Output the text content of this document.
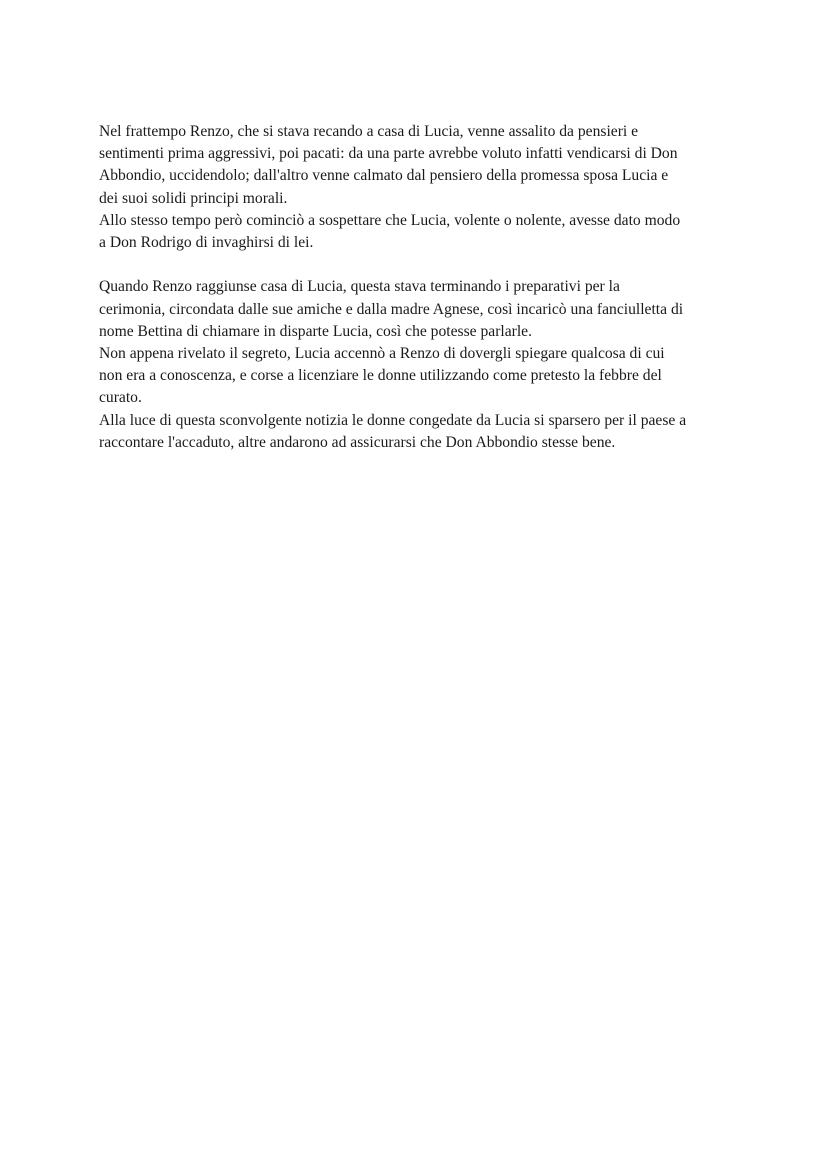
Nel frattempo Renzo, che si stava recando a casa di Lucia, venne assalito da pensieri e
sentimenti prima aggressivi, poi pacati: da una parte avrebbe voluto infatti vendicarsi di Don
Abbondio, uccidendolo; dall'altro venne calmato dal pensiero della promessa sposa Lucia e
dei suoi solidi principi morali.

Allo stesso tempo però cominciò a sospettare che Lucia, volente o nolente, avesse dato modo
a Don Rodrigo di invaghirsi di lei.

Quando Renzo raggiunse casa di Lucia, questa stava terminando i preparativi per la
cerimonia, circondata dalle sue amiche e dalla madre Agnese, così incaricò una fanciulletta di
nome Bettina di chiamare in disparte Lucia, così che potesse parlarle.

Non appena rivelato il segreto, Lucia accennò a Renzo di dovergli spiegare qualcosa di cui
non era a conoscenza, e corse a licenziare le donne utilizzando come pretesto la febbre del
curato.

Alla luce di questa sconvolgente notizia le donne congedate da Lucia si sparsero per il paese a
raccontare l'accaduto, altre andarono ad assicurarsi che Don Abbondio stesse bene.
